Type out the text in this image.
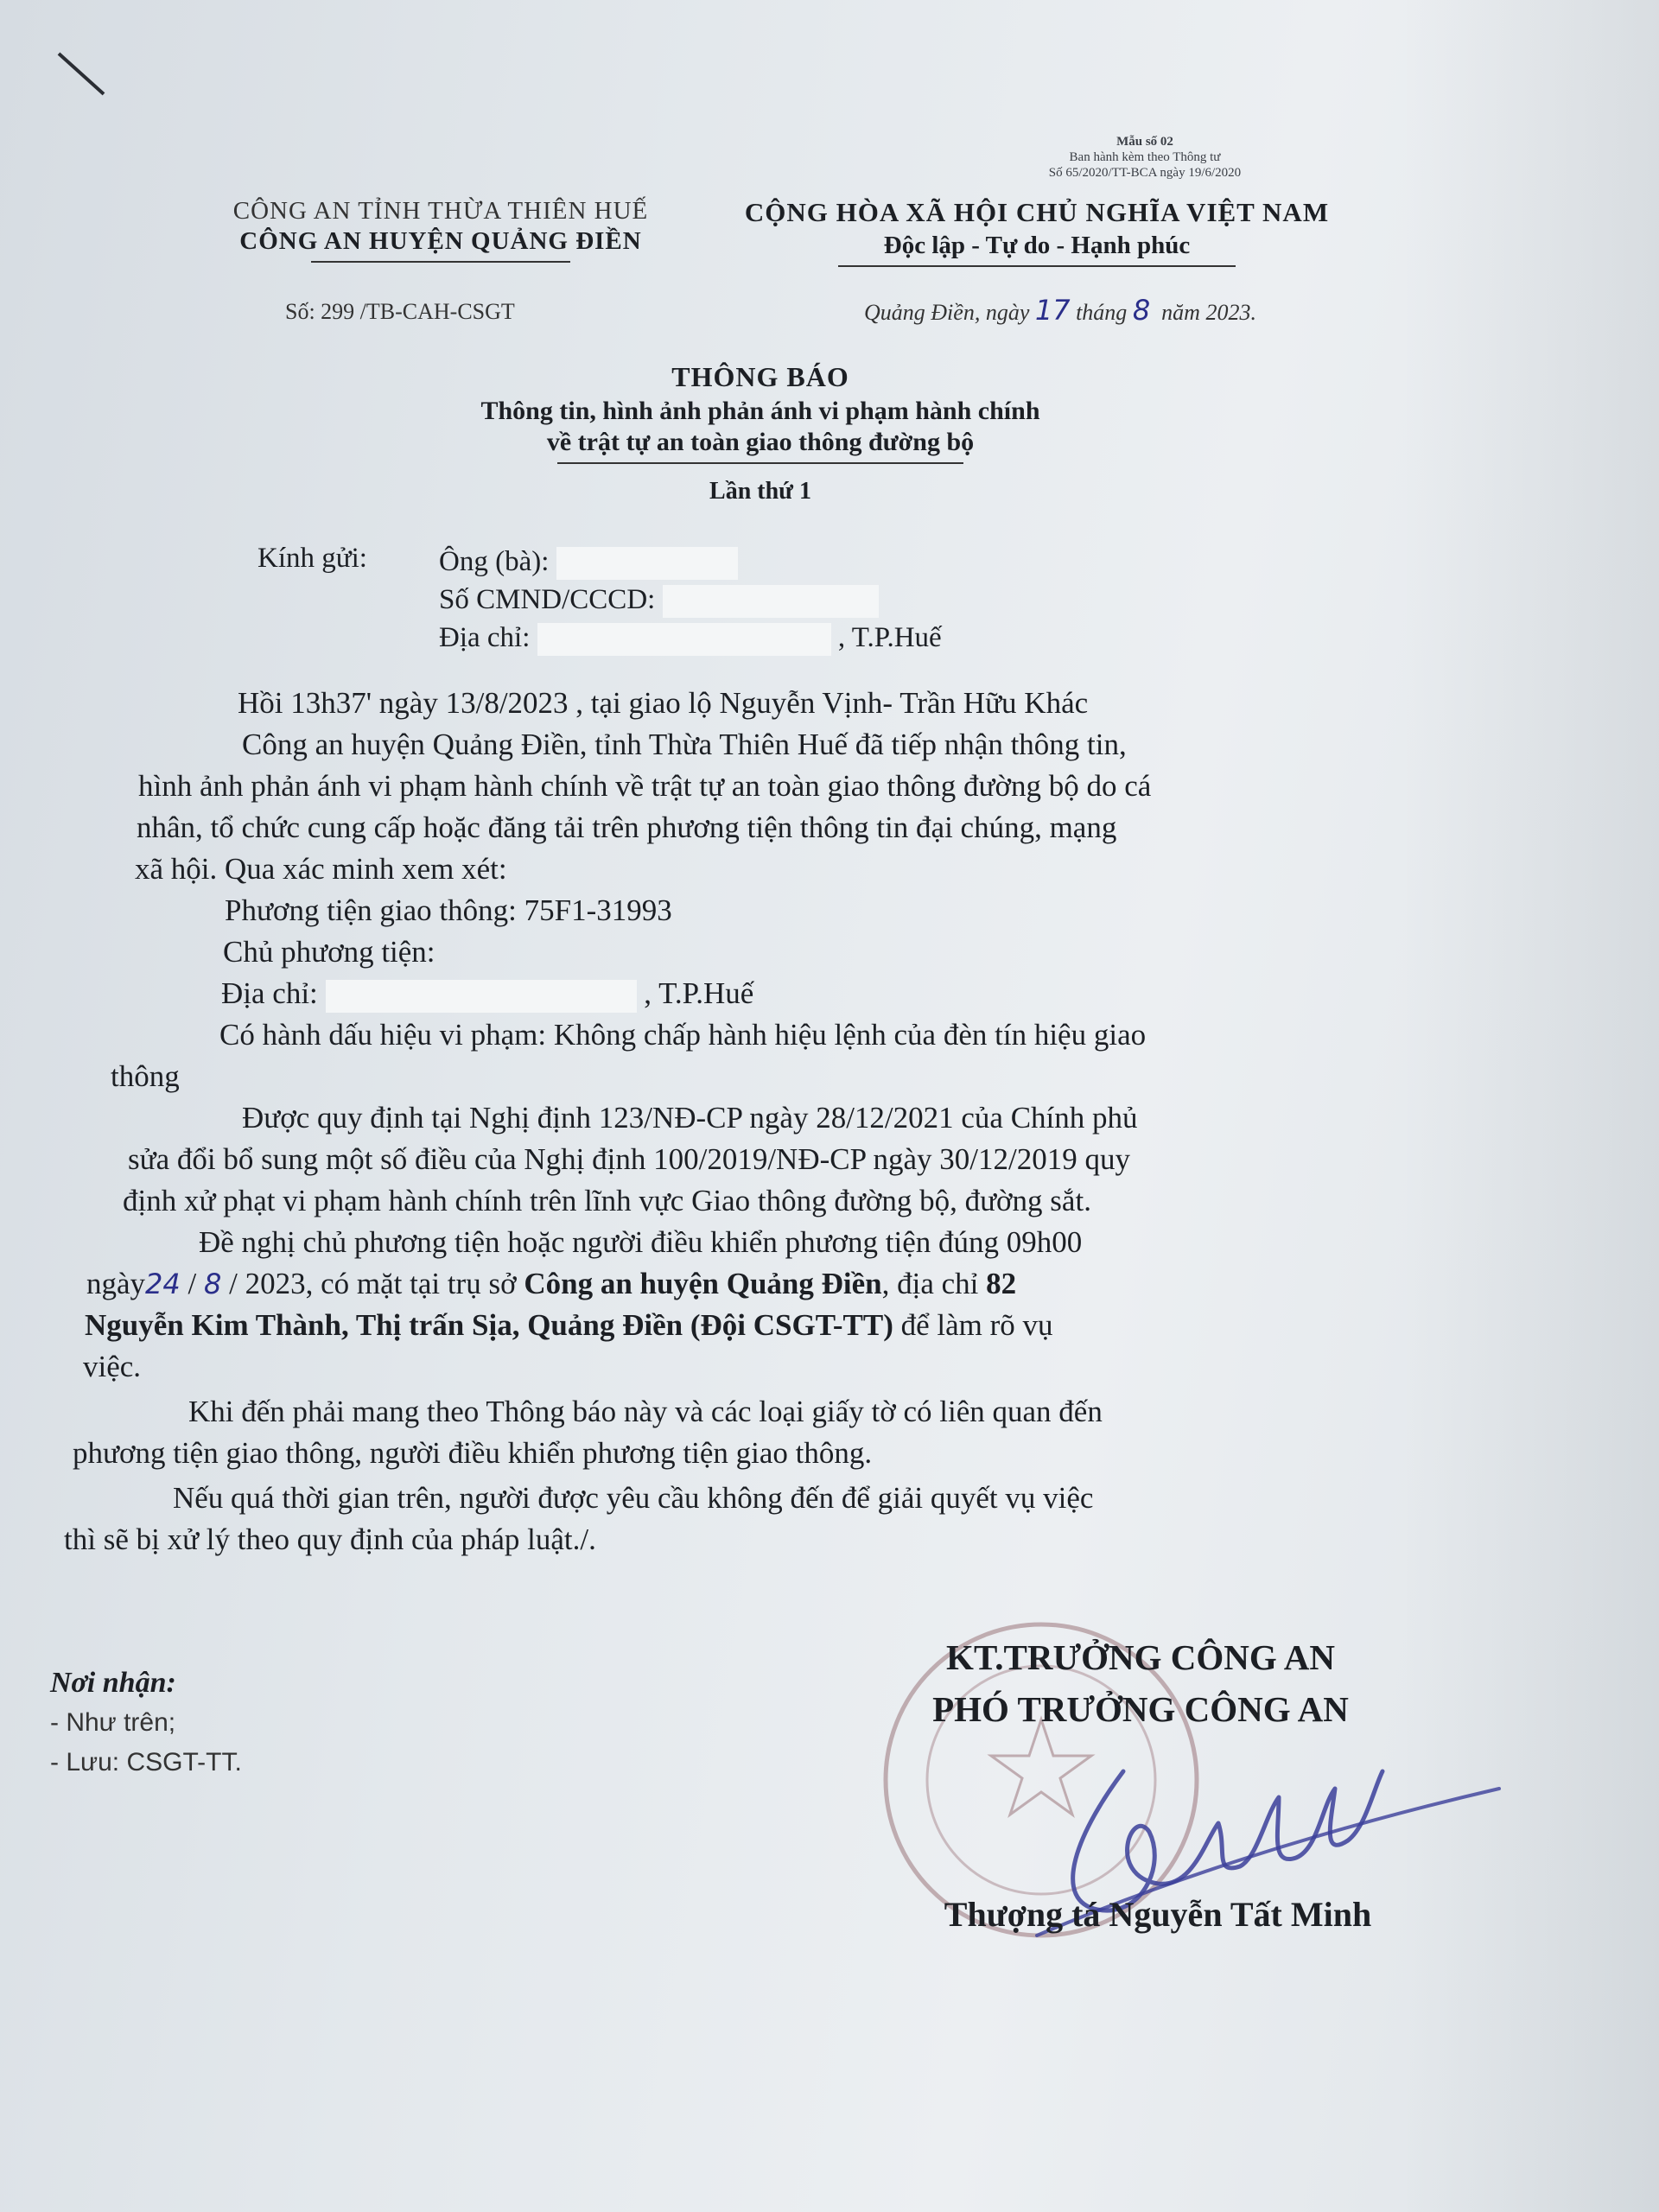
Mẫu số 02
Ban hành kèm theo Thông tư
Số 65/2020/TT-BCA ngày 19/6/2020
CÔNG AN TỈNH THỪA THIÊN HUẾ
CÔNG AN HUYỆN QUẢNG ĐIỀN
CỘNG HÒA XÃ HỘI CHỦ NGHĨA VIỆT NAM
Độc lập - Tự do - Hạnh phúc
Số: 299 /TB-CAH-CSGT	Quảng Điền, ngày 17 tháng 8 năm 2023.
THÔNG BÁO
Thông tin, hình ảnh phản ánh vi phạm hành chính
về trật tự an toàn giao thông đường bộ
Lần thứ 1
Kính gửi:	Ông (bà):
Số CMND/CCCD:
Địa chỉ:	, T.P.Huế

Hồi 13h37' ngày 13/8/2023 , tại giao lộ Nguyễn Vịnh- Trần Hữu Khác

Công an huyện Quảng Điền, tỉnh Thừa Thiên Huế đã tiếp nhận thông tin,

hình ảnh phản ánh vi phạm hành chính về trật tự an toàn giao thông đường bộ do cá

nhân, tổ chức cung cấp hoặc đăng tải trên phương tiện thông tin đại chúng, mạng

xã hội. Qua xác minh xem xét:

Phương tiện giao thông: 75F1-31993

Chủ phương tiện:

Địa chỉ:	, T.P.Huế

Có hành dấu hiệu vi phạm: Không chấp hành hiệu lệnh của đèn tín hiệu giao

thông

Được quy định tại Nghị định 123/NĐ-CP ngày 28/12/2021 của Chính phủ

sửa đổi bổ sung một số điều của Nghị định 100/2019/NĐ-CP ngày 30/12/2019 quy

định xử phạt vi phạm hành chính trên lĩnh vực Giao thông đường bộ, đường sắt.

Đề nghị chủ phương tiện hoặc người điều khiển phương tiện đúng 09h00

ngày24 / 8 / 2023, có mặt tại trụ sở Công an huyện Quảng Điền, địa chỉ 82

Nguyễn Kim Thành, Thị trấn Sịa, Quảng Điền (Đội CSGT-TT) để làm rõ vụ

việc.

Khi đến phải mang theo Thông báo này và các loại giấy tờ có liên quan đến

phương tiện giao thông, người điều khiển phương tiện giao thông.

Nếu quá thời gian trên, người được yêu cầu không đến để giải quyết vụ việc

thì sẽ bị xử lý theo quy định của pháp luật./.

Nơi nhận:
- Như trên;
- Lưu: CSGT-TT.
KT.TRƯỞNG CÔNG AN
PHÓ TRƯỞNG CÔNG AN
Thượng tá Nguyễn Tất Minh
